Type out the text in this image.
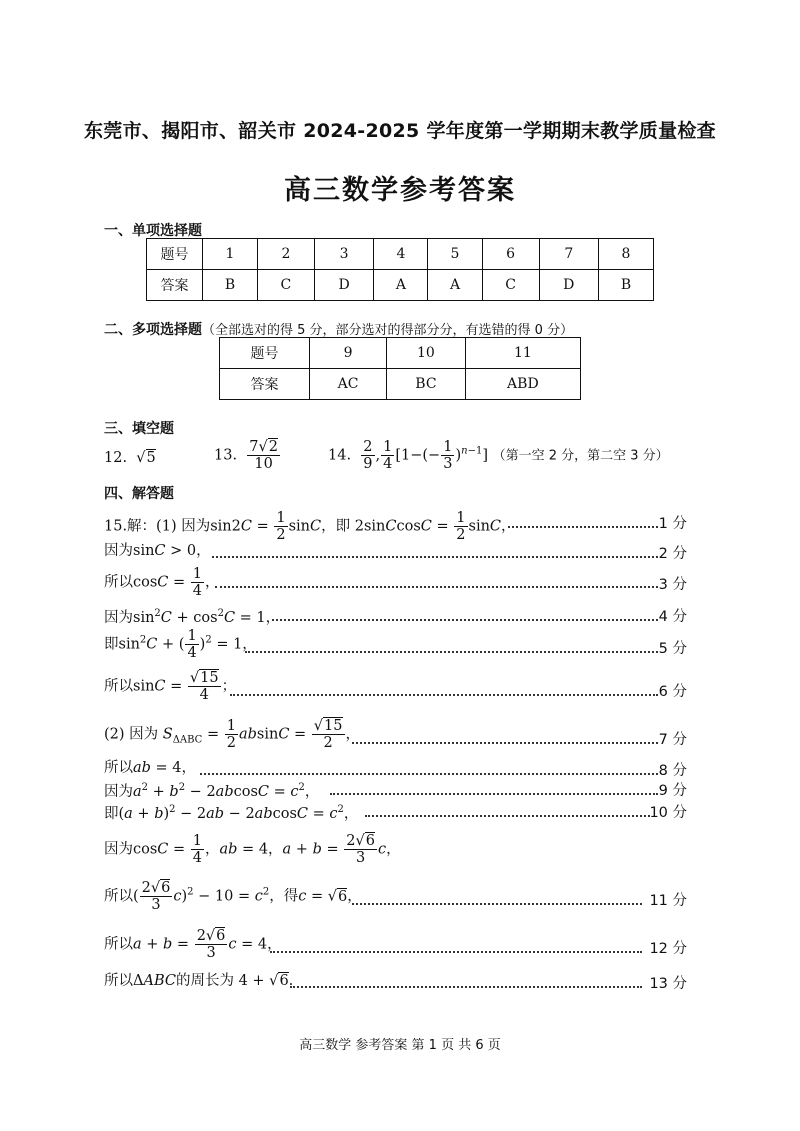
东莞市、揭阳市、韶关市 2024-2025 学年度第一学期期末教学质量检查
高三数学参考答案
一、单项选择题
题号	1	2	3	4	5	6	7	8
答案	B	C	D	A	A	C	D	B
二、多项选择题（全部选对的得 5 分，部分选对的得部分分，有选错的得 0 分）
题号	9	10	11
答案	AC	BC	ABD
三、填空题
12.  √5	13. $\frac{7√2}{10}$	14. $\frac{2}{9}$ , $\frac{1}{4} [1-(- \frac{1}{3} )^{n-1}]$ （第一空 2 分，第二空 3 分）
四、解答题
15.解：(1) 因为$\sin 2C = \frac{1}{2}$ sinC，即 2sinCcosC = $\frac{1}{2}$ sinC，	1 分
因为sinC > 0，	2 分
所以$\cos C = \frac{1}{4}$ ，	3 分
因为$\sin^2C + \cos^2C = 1$，	4 分
即$\sin^2C$ + ( $\frac{1}{4} )^2 = 1$，	5 分
所以$\sin C = \frac{√15}{4}$ ；	6 分
(2) 因为 $S_{\Delta ABC} = \frac{1}{2}$ $absinC = \frac{√15}{2}$ ，	7 分
所以ab = 4，	8 分
因为$a^2 + b^2 - 2abcosC = c^2$，	9 分
即$(a + b)^2 - 2ab - 2abcosC = c^2$，	10 分
因为$\cos C = \frac{1}{4}$ ，ab = 4，$a + b = \frac{2√6}{3}$ c，
所以( $\frac{2√6}{3} c)^2 - 10 = c^2$，得c = √6，	11 分
所以$a + b = \frac{2√6}{3}$ c = 4，	12 分
所以ΔABC的周长为 4 + √6.	13 分
高三数学 参考答案 第 1 页 共 6 页
